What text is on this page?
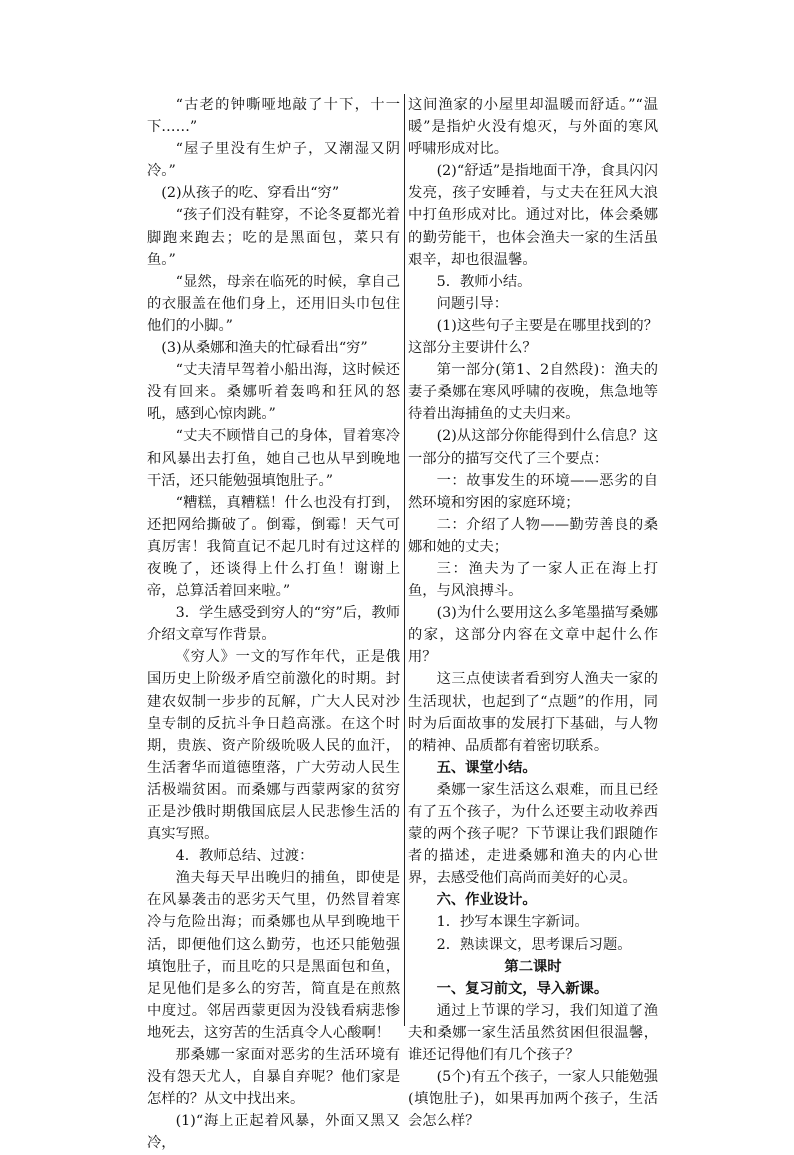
“古老的钟嘶哑地敲了十下，十一下……”

“屋子里没有生炉子，又潮湿又阴冷。”

(2)从孩子的吃、穿看出“穷”

“孩子们没有鞋穿，不论冬夏都光着脚跑来跑去；吃的是黑面包，菜只有鱼。”

“显然，母亲在临死的时候，拿自己的衣服盖在他们身上，还用旧头巾包住他们的小脚。”

(3)从桑娜和渔夫的忙碌看出“穷”

“丈夫清早驾着小船出海，这时候还没有回来。桑娜听着轰鸣和狂风的怒吼，感到心惊肉跳。”

“丈夫不顾惜自己的身体，冒着寒冷和风暴出去打鱼，她自己也从早到晚地干活，还只能勉强填饱肚子。”

“糟糕，真糟糕！什么也没有打到，还把网给撕破了。倒霉，倒霉！天气可真厉害！我简直记不起几时有过这样的夜晚了，还谈得上什么打鱼！谢谢上帝，总算活着回来啦。”

3．学生感受到穷人的“穷”后，教师介绍文章写作背景。

《穷人》一文的写作年代，正是俄国历史上阶级矛盾空前激化的时期。封建农奴制一步步的瓦解，广大人民对沙皇专制的反抗斗争日趋高涨。在这个时期，贵族、资产阶级吮吸人民的血汗，生活奢华而道德堕落，广大劳动人民生活极端贫困。而桑娜与西蒙两家的贫穷正是沙俄时期俄国底层人民悲惨生活的真实写照。

4．教师总结、过渡：

渔夫每天早出晚归的捕鱼，即使是在风暴袭击的恶劣天气里，仍然冒着寒冷与危险出海；而桑娜也从早到晚地干活，即便他们这么勤劳，也还只能勉强填饱肚子，而且吃的只是黑面包和鱼，足见他们是多么的穷苦，简直是在煎熬中度过。邻居西蒙更因为没钱看病悲惨地死去，这穷苦的生活真令人心酸啊！

那桑娜一家面对恶劣的生活环境有没有怨天尤人，自暴自弃呢？他们家是怎样的？从文中找出来。

(1)“海上正起着风暴，外面又黑又冷，

这间渔家的小屋里却温暖而舒适。”“温暖”是指炉火没有熄灭，与外面的寒风呼啸形成对比。

(2)“舒适”是指地面干净，食具闪闪发亮，孩子安睡着，与丈夫在狂风大浪中打鱼形成对比。通过对比，体会桑娜的勤劳能干，也体会渔夫一家的生活虽艰辛，却也很温馨。

5．教师小结。

问题引导：

(1)这些句子主要是在哪里找到的？这部分主要讲什么？

第一部分(第1、2自然段)：渔夫的妻子桑娜在寒风呼啸的夜晚，焦急地等待着出海捕鱼的丈夫归来。

(2)从这部分你能得到什么信息？这一部分的描写交代了三个要点：

一：故事发生的环境——恶劣的自然环境和穷困的家庭环境；

二：介绍了人物——勤劳善良的桑娜和她的丈夫；

三：渔夫为了一家人正在海上打鱼，与风浪搏斗。

(3)为什么要用这么多笔墨描写桑娜的家，这部分内容在文章中起什么作用？

这三点使读者看到穷人渔夫一家的生活现状，也起到了“点题”的作用，同时为后面故事的发展打下基础，与人物的精神、品质都有着密切联系。

五、课堂小结。

桑娜一家生活这么艰难，而且已经有了五个孩子，为什么还要主动收养西蒙的两个孩子呢？下节课让我们跟随作者的描述，走进桑娜和渔夫的内心世界，去感受他们高尚而美好的心灵。

六、作业设计。

1．抄写本课生字新词。

2．熟读课文，思考课后习题。

第二课时

一、复习前文，导入新课。

通过上节课的学习，我们知道了渔夫和桑娜一家生活虽然贫困但很温馨，谁还记得他们有几个孩子？

(5个)有五个孩子，一家人只能勉强(填饱肚子)，如果再加两个孩子，生活会怎么样？
